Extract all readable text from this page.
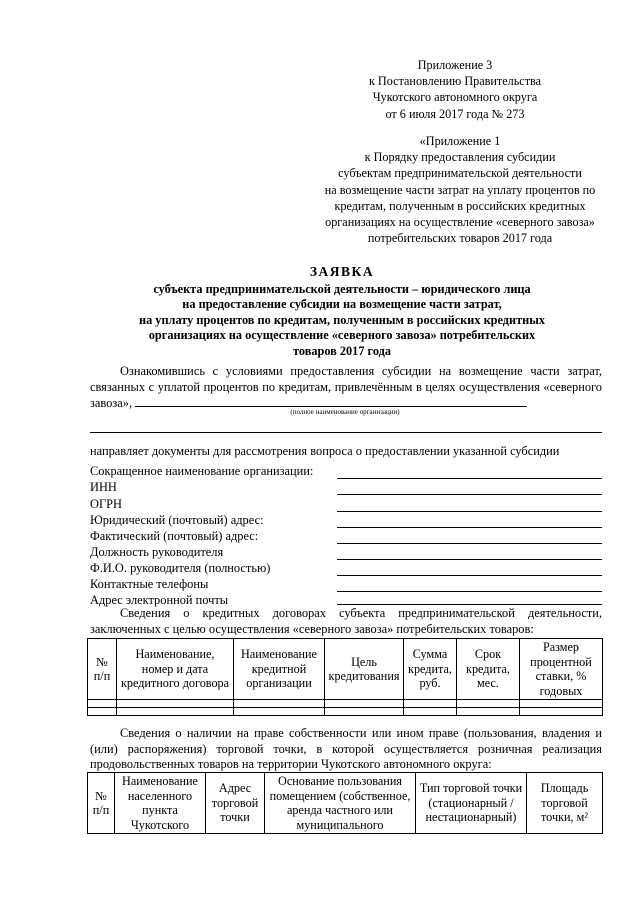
Приложение 3
к Постановлению Правительства
Чукотского автономного округа
от 6 июля 2017 года № 273
«Приложение 1
к Порядку предоставления субсидии
субъектам предпринимательской деятельности
на возмещение части затрат на уплату процентов по
кредитам, полученным в российских кредитных
организациях на осуществление «северного завоза»
потребительских товаров 2017 года
ЗАЯВКА
субъекта предпринимательской деятельности – юридического лица
на предоставление субсидии на возмещение части затрат,
на уплату процентов по кредитам, полученным в российских кредитных
организациях на осуществление «северного завоза» потребительских
товаров 2017 года
Ознакомившись с условиями предоставления субсидии на возмещение части затрат, связанных с уплатой процентов по кредитам, привлечённым в целях осуществления «северного завоза»,
(полное наименование организации)
направляет документы для рассмотрения вопроса о предоставлении указанной субсидии
Сокращенное наименование организации:
ИНН
ОГРН
Юридический (почтовый) адрес:
Фактический (почтовый) адрес:
Должность руководителя
Ф.И.О. руководителя (полностью)
Контактные телефоны
Адрес электронной почты
Сведения о кредитных договорах субъекта предпринимательской деятельности, заключенных с целью осуществления «северного завоза» потребительских товаров:
№ п/п	Наименование, номер и дата кредитного договора	Наименование кредитной организации	Цель кредитования	Сумма кредита, руб.	Срок кредита, мес.	Размер процентной ставки, % годовых

Сведения о наличии на праве собственности или ином праве (пользования, владения и (или) распоряжения) торговой точки, в которой осуществляется розничная реализация продовольственных товаров на территории Чукотского автономного округа:
№ п/п	Наименование населенного пункта Чукотского	Адрес торговой точки	Основание пользования помещением (собственное, аренда частного или муниципального	Тип торговой точки (стационарный / нестационарный)	Площадь торговой точки, м²
